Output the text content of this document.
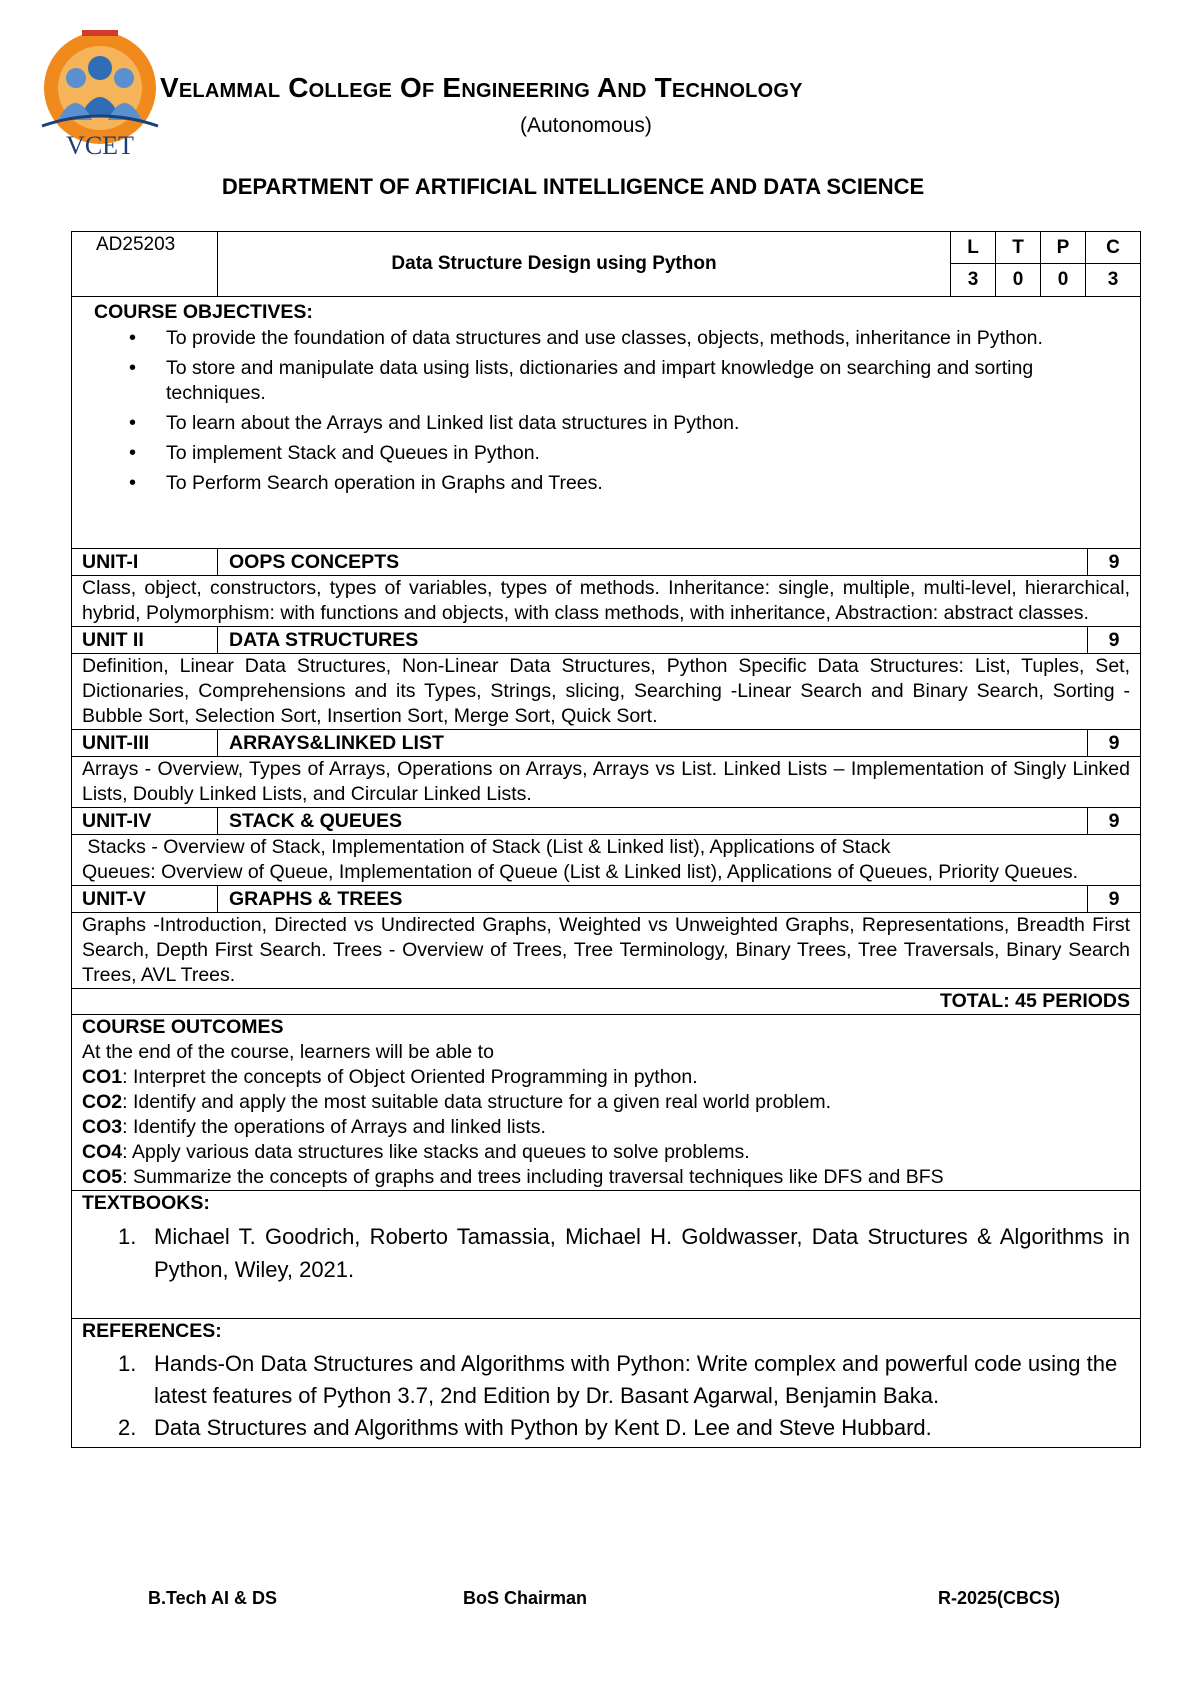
VCET
Velammal College Of Engineering And Technology
(Autonomous)
DEPARTMENT OF ARTIFICIAL INTELLIGENCE AND DATA SCIENCE
AD25203
Data Structure Design using Python
L	T	P	C
3	0	0	3
COURSE OBJECTIVES:
• To provide the foundation of data structures and use classes, objects, methods, inheritance in Python.
• To store and manipulate data using lists, dictionaries and impart knowledge on searching and sorting techniques.
• To learn about the Arrays and Linked list data structures in Python.
• To implement Stack and Queues in Python.
• To Perform Search operation in Graphs and Trees.
UNIT-I	OOPS CONCEPTS	9
Class, object, constructors, types of variables, types of methods. Inheritance: single, multiple, multi-level, hierarchical, hybrid, Polymorphism: with functions and objects, with class methods, with inheritance, Abstraction: abstract classes.
UNIT II	DATA STRUCTURES	9
Definition, Linear Data Structures, Non-Linear Data Structures, Python Specific Data Structures: List, Tuples, Set, Dictionaries, Comprehensions and its Types, Strings, slicing, Searching -Linear Search and Binary Search, Sorting - Bubble Sort, Selection Sort, Insertion Sort, Merge Sort, Quick Sort.
UNIT-III	ARRAYS&LINKED LIST	9
Arrays - Overview, Types of Arrays, Operations on Arrays, Arrays vs List. Linked Lists – Implementation of Singly Linked Lists, Doubly Linked Lists, and Circular Linked Lists.
UNIT-IV	STACK & QUEUES	9
Stacks - Overview of Stack, Implementation of Stack (List & Linked list), Applications of Stack
Queues: Overview of Queue, Implementation of Queue (List & Linked list), Applications of Queues, Priority Queues.
UNIT-V	GRAPHS & TREES	9
Graphs -Introduction, Directed vs Undirected Graphs, Weighted vs Unweighted Graphs, Representations, Breadth First Search, Depth First Search. Trees - Overview of Trees, Tree Terminology, Binary Trees, Tree Traversals, Binary Search Trees, AVL Trees.
TOTAL: 45 PERIODS
COURSE OUTCOMES
At the end of the course, learners will be able to
CO1: Interpret the concepts of Object Oriented Programming in python.
CO2: Identify and apply the most suitable data structure for a given real world problem.
CO3: Identify the operations of Arrays and linked lists.
CO4: Apply various data structures like stacks and queues to solve problems.
CO5: Summarize the concepts of graphs and trees including traversal techniques like DFS and BFS
TEXTBOOKS:
1. Michael T. Goodrich, Roberto Tamassia, Michael H. Goldwasser, Data Structures & Algorithms in Python, Wiley, 2021.
REFERENCES:
1. Hands-On Data Structures and Algorithms with Python: Write complex and powerful code using the latest features of Python 3.7, 2nd Edition by Dr. Basant Agarwal, Benjamin Baka.
2. Data Structures and Algorithms with Python by Kent D. Lee and Steve Hubbard.
B.Tech AI & DS	BoS Chairman	R-2025(CBCS)
